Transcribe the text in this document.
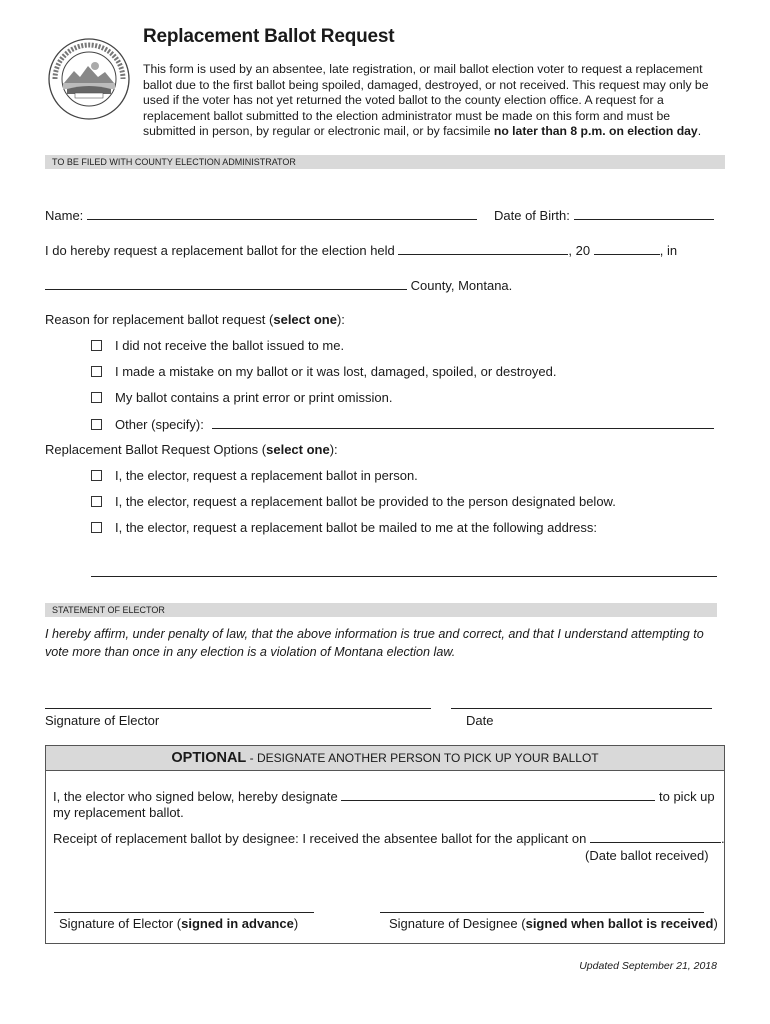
Replacement Ballot Request
This form is used by an absentee, late registration, or mail ballot election voter to request a replacement ballot due to the first ballot being spoiled, damaged, destroyed, or not received. This request may only be used if the voter has not yet returned the voted ballot to the county election office. A request for a replacement ballot submitted to the election administrator must be made on this form and must be submitted in person, by regular or electronic mail, or by facsimile no later than 8 p.m. on election day.
TO BE FILED WITH COUNTY ELECTION ADMINISTRATOR
Name:	Date of Birth:
I do hereby request a replacement ballot for the election held	, 20	, in
County, Montana.
Reason for replacement ballot request (select one):
I did not receive the ballot issued to me.
I made a mistake on my ballot or it was lost, damaged, spoiled, or destroyed.
My ballot contains a print error or print omission.
Other (specify):
Replacement Ballot Request Options (select one):
I, the elector, request a replacement ballot in person.
I, the elector, request a replacement ballot be provided to the person designated below.
I, the elector, request a replacement ballot be mailed to me at the following address:
STATEMENT OF ELECTOR
I hereby affirm, under penalty of law, that the above information is true and correct, and that I understand attempting to vote more than once in any election is a violation of Montana election law.
Signature of Elector	Date
OPTIONAL - DESIGNATE ANOTHER PERSON TO PICK UP YOUR BALLOT
I, the elector who signed below, hereby designate	to pick up
my replacement ballot.
Receipt of replacement ballot by designee: I received the absentee ballot for the applicant on	.
(Date ballot received)
Signature of Elector (signed in advance)	Signature of Designee (signed when ballot is received)
Updated September 21, 2018
